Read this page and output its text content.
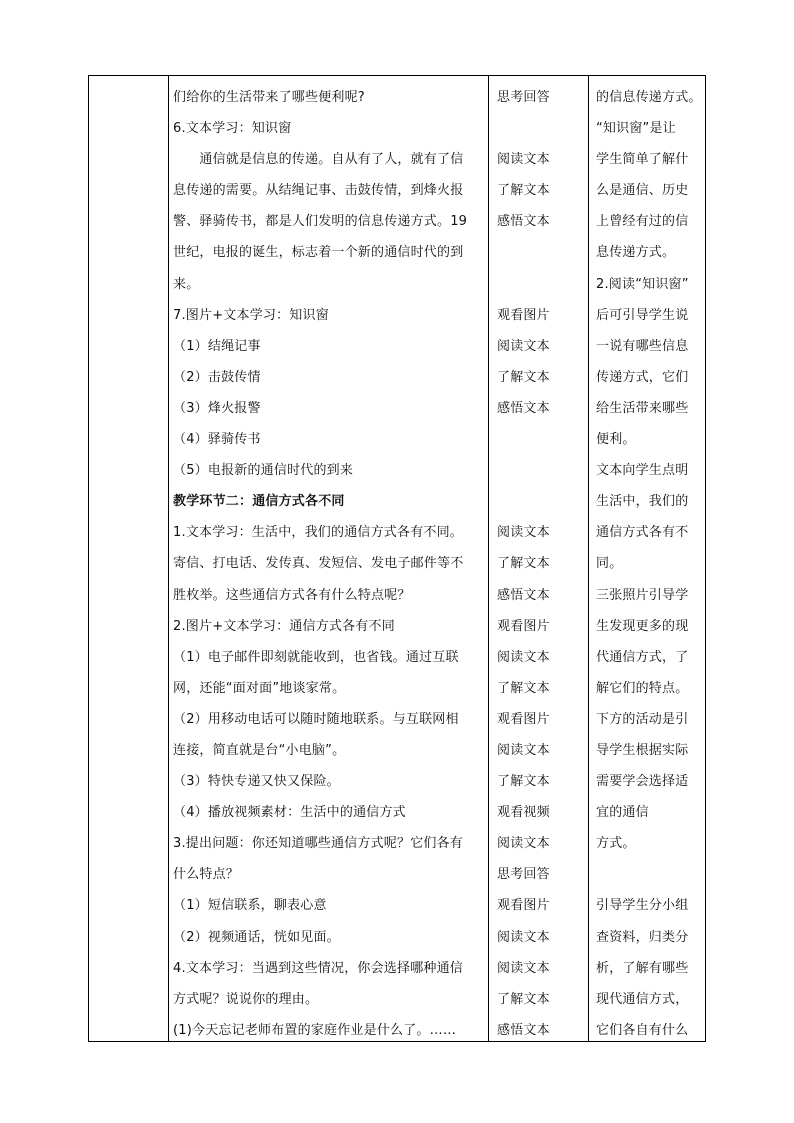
们给你的生活带来了哪些便利呢?
6.文本学习：知识窗
　　通信就是信息的传递。自从有了人，就有了信
息传递的需要。从结绳记事、击鼓传情，到烽火报
警、驿骑传书，都是人们发明的信息传递方式。19
世纪，电报的诞生，标志着一个新的通信时代的到
来。
7.图片+文本学习：知识窗
（1）结绳记事
（2）击鼓传情
（3）烽火报警
（4）驿骑传书
（5）电报新的通信时代的到来
教学环节二：通信方式各不同
1.文本学习：生活中，我们的通信方式各有不同。
寄信、打电话、发传真、发短信、发电子邮件等不
胜枚举。这些通信方式各有什么特点呢？
2.图片+文本学习：通信方式各有不同
（1）电子邮件即刻就能收到，也省钱。通过互联
网，还能“面对面”地谈家常。
（2）用移动电话可以随时随地联系。与互联网相
连接，简直就是台“小电脑”。
（3）特快专递又快又保险。
（4）播放视频素材：生活中的通信方式
3.提出问题：你还知道哪些通信方式呢？它们各有
什么特点？
（1）短信联系，聊表心意
（2）视频通话，恍如见面。
4.文本学习：当遇到这些情况，你会选择哪种通信
方式呢？说说你的理由。
(1)今天忘记老师布置的家庭作业是什么了。……
思考回答
阅读文本
了解文本
感悟文本
观看图片
阅读文本
了解文本
感悟文本
阅读文本
了解文本
感悟文本
观看图片
阅读文本
了解文本
观看图片
阅读文本
了解文本
观看视频
阅读文本
思考回答
观看图片
阅读文本
阅读文本
了解文本
感悟文本
的信息传递方式。
“知识窗”是让
学生简单了解什
么是通信、历史
上曾经有过的信
息传递方式。
2.阅读“知识窗”
后可引导学生说
一说有哪些信息
传递方式，它们
给生活带来哪些
便利。
文本向学生点明
生活中，我们的
通信方式各有不
同。
三张照片引导学
生发现更多的现
代通信方式，了
解它们的特点。
下方的活动是引
导学生根据实际
需要学会选择适
宜的通信
方式。
引导学生分小组
查资料，归类分
析，了解有哪些
现代通信方式，
它们各自有什么
